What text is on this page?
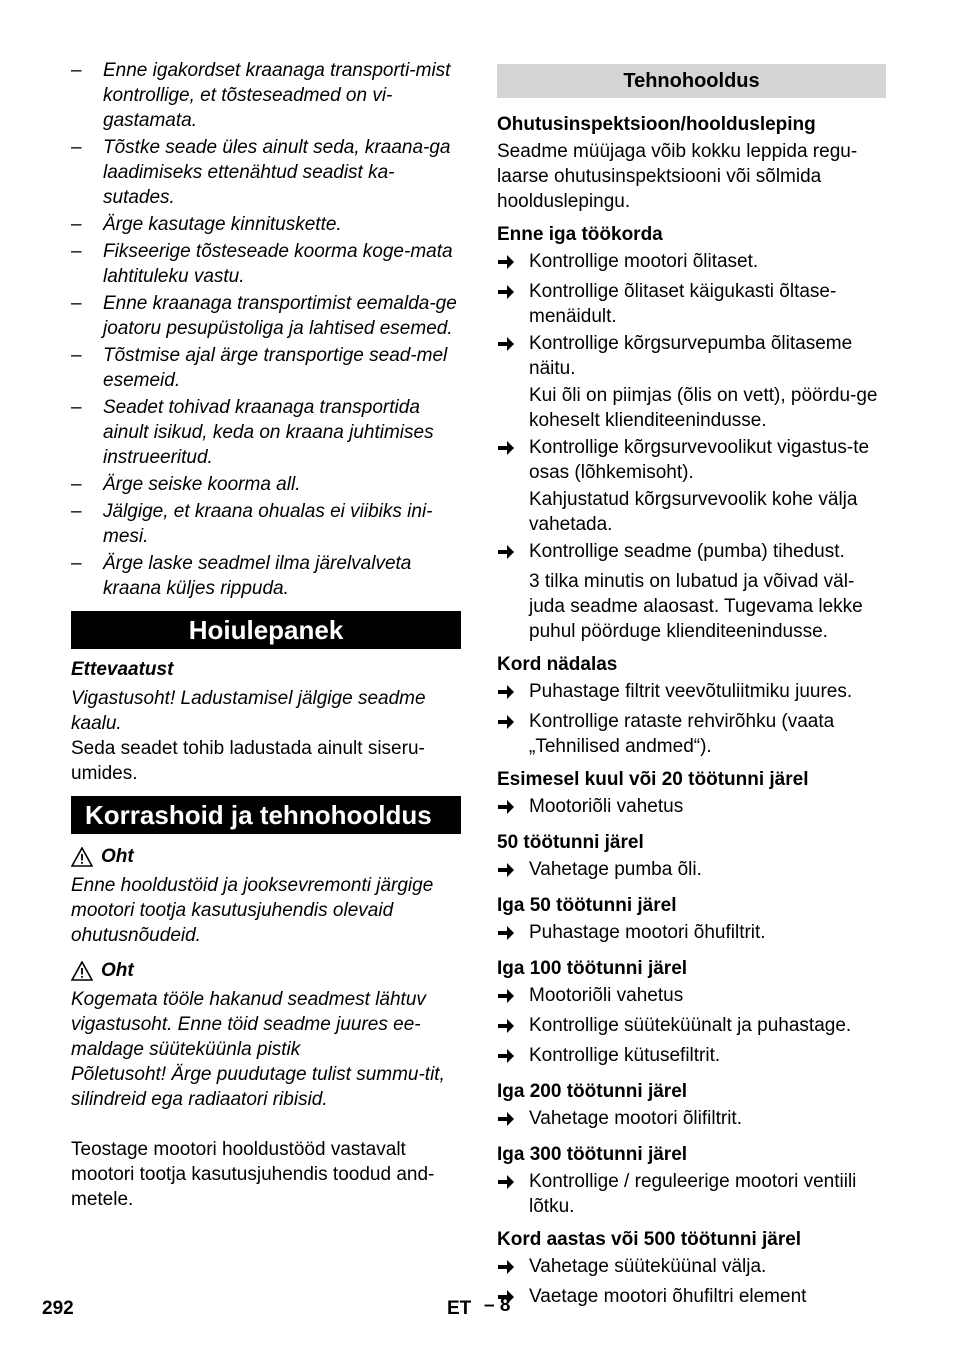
–	Enne igakordset kraanaga transporti-mist kontrollige, et tõsteseadmed on vi-gastamata.
–	Tõstke seade üles ainult seda, kraana-ga laadimiseks ettenähtud seadist ka-sutades.
–	Ärge kasutage kinnituskette.
–	Fikseerige tõsteseade koorma koge-mata lahtituleku vastu.
–	Enne kraanaga transportimist eemalda-ge joatoru pesupüstoliga ja lahtised esemed.
–	Tõstmise ajal ärge transportige sead-mel esemeid.
–	Seadet tohivad kraanaga transportida ainult isikud, keda on kraana juhtimises instrueeritud.
–	Ärge seiske koorma all.
–	Jälgige, et kraana ohualas ei viibiks ini-mesi.
–	Ärge laske seadmel ilma järelvalveta kraana küljes rippuda.
Hoiulepanek
Ettevaatust

Vigastusoht! Ladustamisel jälgige seadme kaalu.

Seda seadet tohib ladustada ainult siseru-umides.

Korrashoid ja tehnohooldus
Oht

Enne hooldustöid ja jooksevremonti järgige mootori tootja kasutusjuhendis olevaid ohutusnõudeid.

Oht

Kogemata tööle hakanud seadmest lähtuv vigastusoht. Enne töid seadme juures ee-maldage süüteküünla pistik

Põletusoht! Ärge puudutage tulist summu-tit, silindreid ega radiaatori ribisid.

Teostage mootori hooldustööd vastavalt mootori tootja kasutusjuhendis toodud and-metele.

Tehnohooldus
Ohutusinspektsioon/hooldusleping

Seadme müüjaga võib kokku leppida regu-laarse ohutusinspektsiooni või sõlmida hoolduslepingu.

Enne iga töökorda
Kontrollige mootori õlitaset.
Kontrollige õlitaset käigukasti õltase-menäidult.
Kontrollige kõrgsurvepumba õlitaseme näitu.

Kui õli on piimjas (õlis on vett), pöördu-ge koheselt klienditeenindusse.

Kontrollige kõrgsurvevoolikut vigastus-te osas (lõhkemisoht).

Kahjustatud kõrgsurvevoolik kohe välja vahetada.

Kontrollige seadme (pumba) tihedust.

3 tilka minutis on lubatud ja võivad väl-juda seadme alaosast. Tugevama lekke puhul pöörduge klienditeenindusse.

Kord nädalas
Puhastage filtrit veevõtuliitmiku juures.
Kontrollige rataste rehvirõhku (vaata „Tehnilised andmed“).
Esimesel kuul või 20 töötunni järel
Mootoriõli vahetus
50 töötunni järel
Vahetage pumba õli.
Iga 50 töötunni järel
Puhastage mootori õhufiltrit.
Iga 100 töötunni järel
Mootoriõli vahetus
Kontrollige süüteküünalt ja puhastage.
Kontrollige kütusefiltrit.
Iga 200 töötunni järel
Vahetage mootori õlifiltrit.
Iga 300 töötunni järel
Kontrollige / reguleerige mootori ventiili lõtku.
Kord aastas või 500 töötunni järel
Vahetage süüteküünal välja.
Vaetage mootori õhufiltri element
292	ET – 8
